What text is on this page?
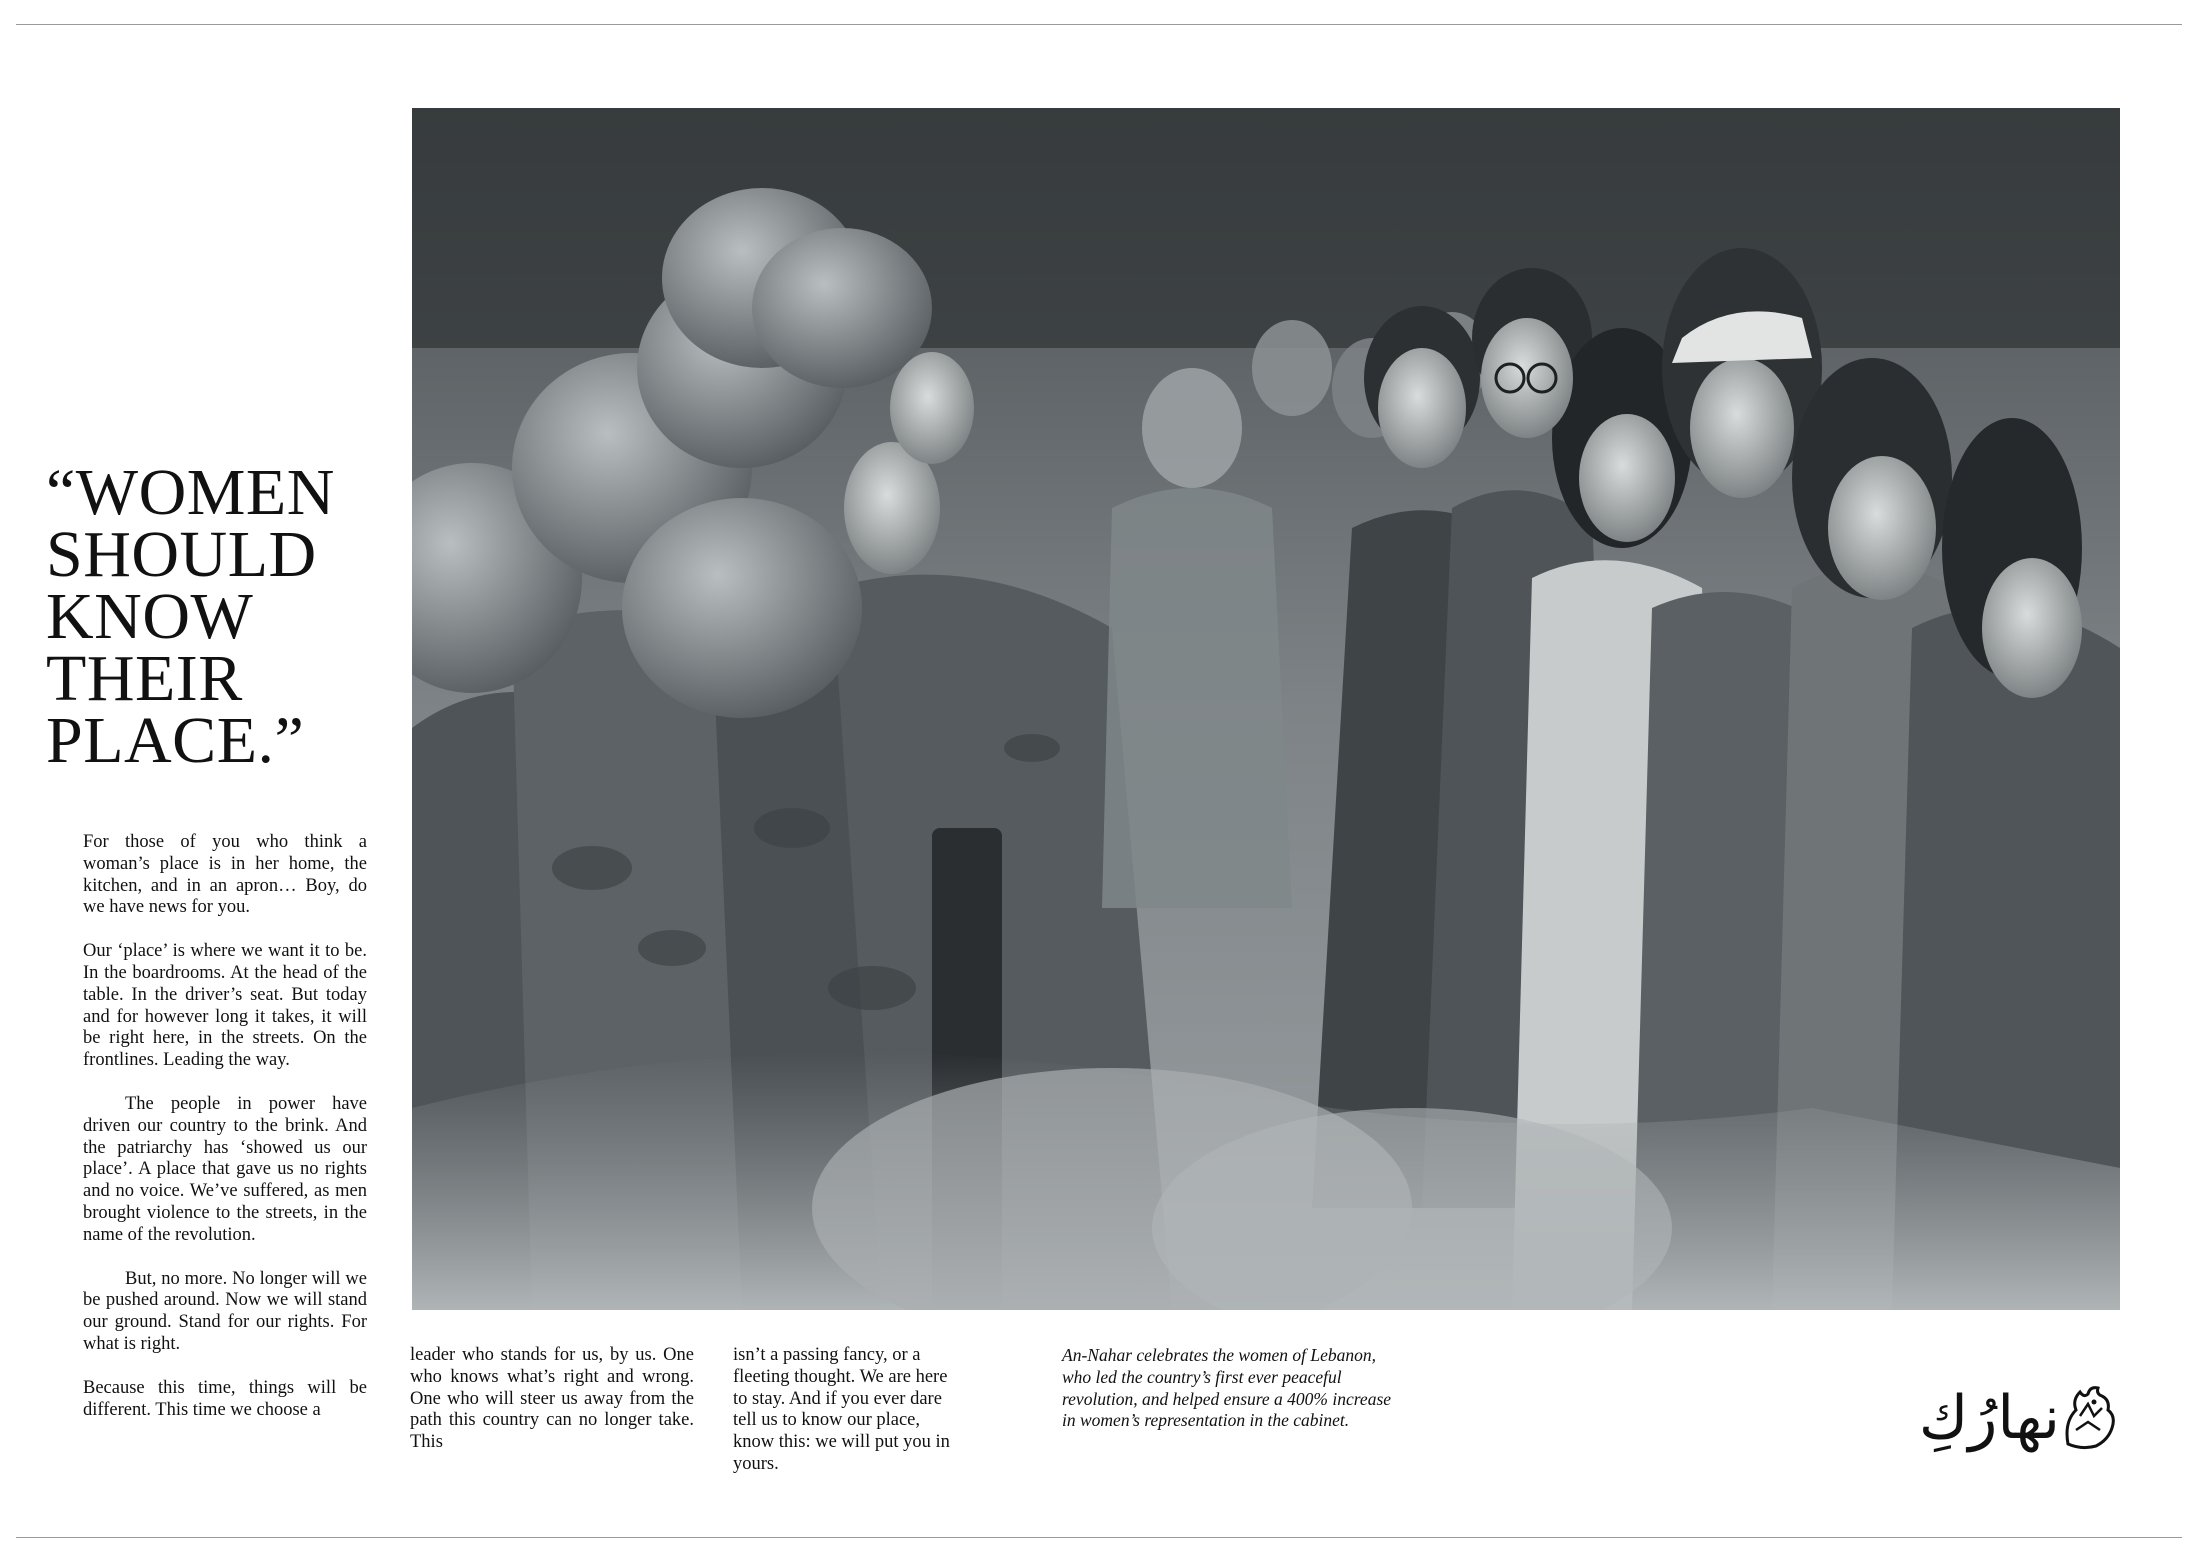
“WOMEN
SHOULD
KNOW
THEIR
PLACE.”

For those of you who think a woman’s place is in her home, the kitchen, and in an apron… Boy, do we have news for you.

Our ‘place’ is where we want it to be. In the boardrooms. At the head of the table. In the driver’s seat. But today and for however long it takes, it will be right here, in the streets. On the frontlines. Leading the way.

The people in power have driven our country to the brink. And the patriarchy has ‘showed us our place’. A place that gave us no rights and no voice. We’ve suffered, as men brought violence to the streets, in the name of the revolution.

But, no more. No longer will we be pushed around. Now we will stand our ground. Stand for our rights. For what is right.

Because this time, things will be different. This time we choose a

leader who stands for us, by us. One who knows what’s right and wrong. One who will steer us away from the path this country can no longer take. This

isn’t a passing fancy, or a fleeting thought. We are here to stay. And if you ever dare tell us to know our place, know this: we will put you in yours.

An-Nahar celebrates the women of Lebanon, who led the country’s first ever peaceful revolution, and helped ensure a 400% increase in women’s representation in the cabinet.	نهارُكِ
